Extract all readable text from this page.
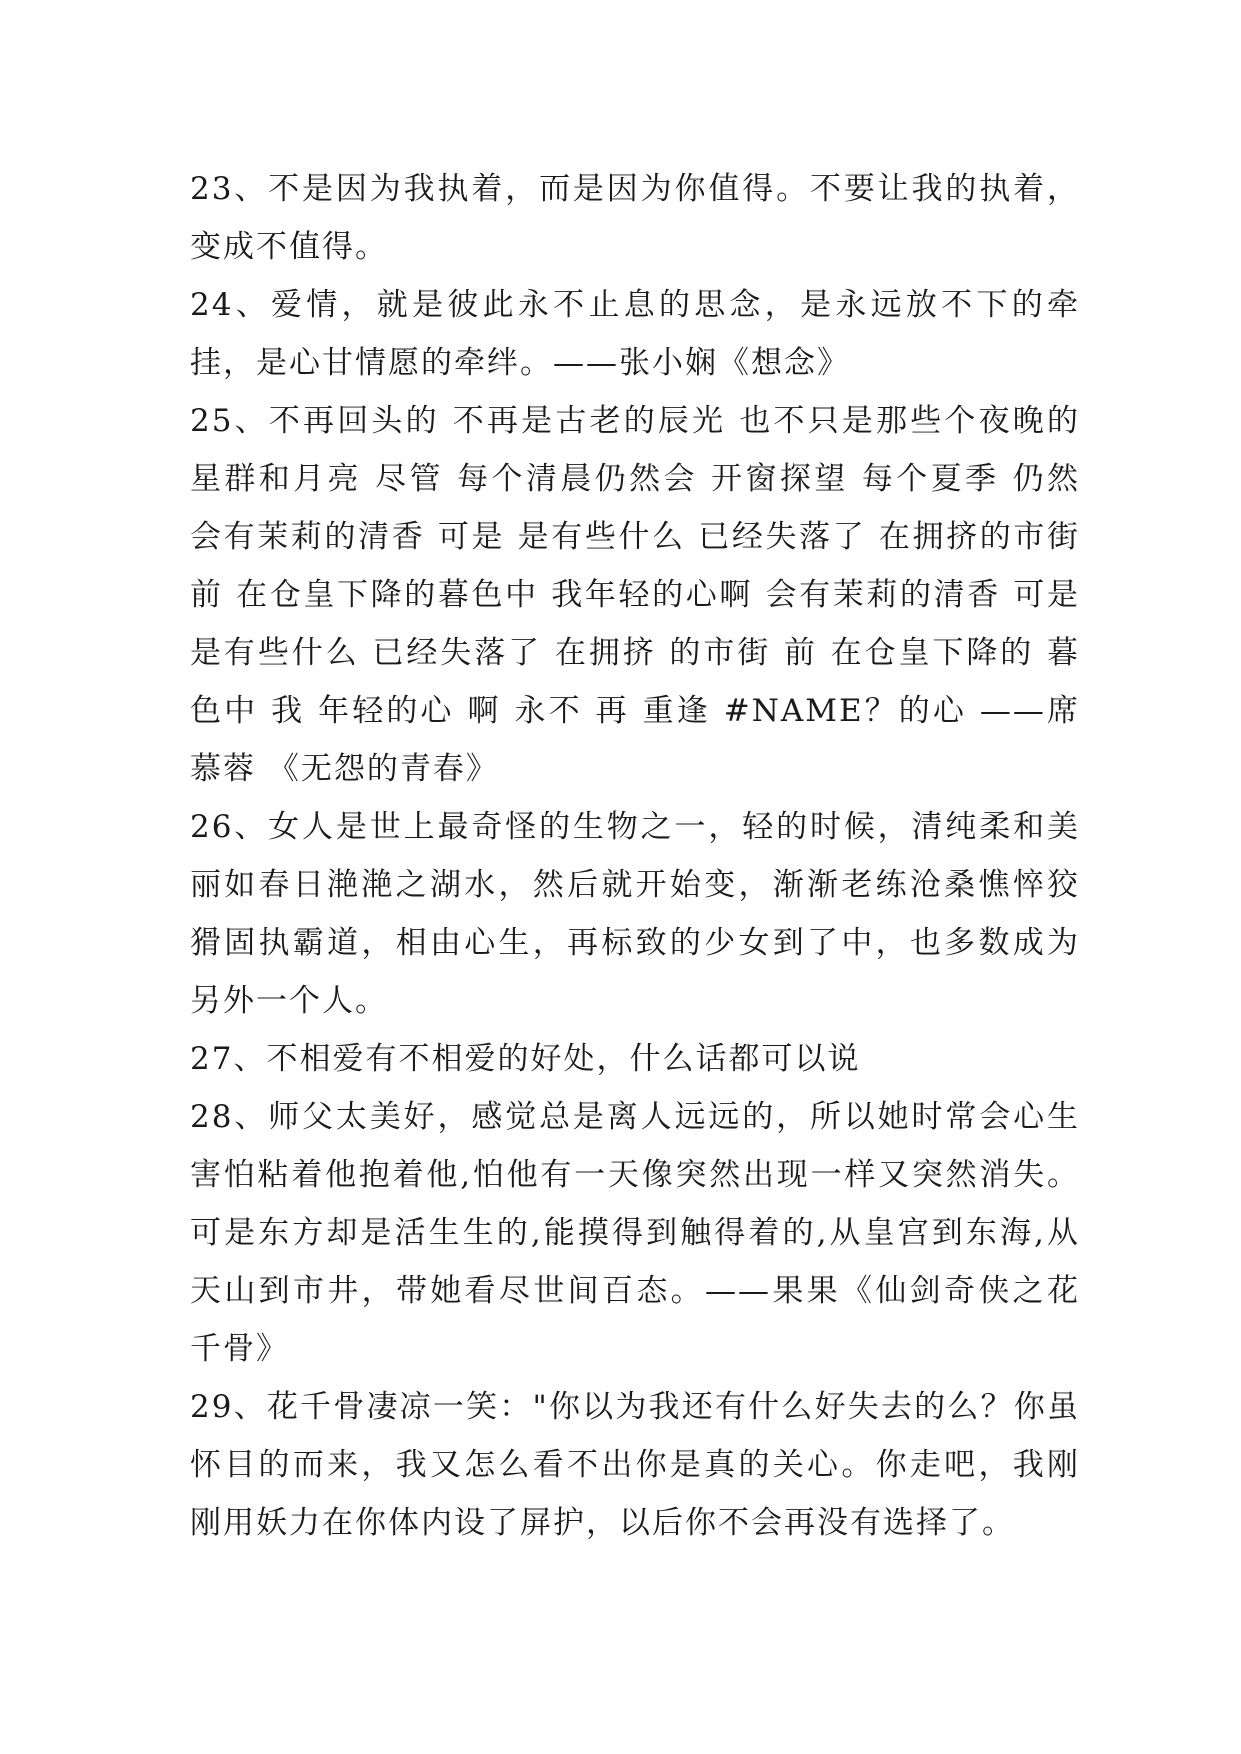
23、不是因为我执着，而是因为你值得。不要让我的执着，变成不值得。

24、爱情，就是彼此永不止息的思念，是永远放不下的牵挂，是心甘情愿的牵绊。——张小娴《想念》

25、不再回头的 不再是古老的辰光 也不只是那些个夜晚的星群和月亮 尽管 每个清晨仍然会 开窗探望 每个夏季 仍然 会有茉莉的清香 可是 是有些什么 已经失落了 在拥挤的市街前 在仓皇下降的暮色中 我年轻的心啊 会有茉莉的清香 可是 是有些什么 已经失落了 在拥挤 的市街 前 在仓皇下降的 暮色中 我 年轻的心 啊 永不 再 重逢 #NAME？的心 ——席 慕蓉 《无怨的青春》

26、女人是世上最奇怪的生物之一，轻的时候，清纯柔和美丽如春日滟滟之湖水，然后就开始变，渐渐老练沧桑憔悴狡猾固执霸道，相由心生，再标致的少女到了中，也多数成为另外一个人。

27、不相爱有不相爱的好处，什么话都可以说

28、师父太美好，感觉总是离人远远的，所以她时常会心生害怕粘着他抱着他,怕他有一天像突然出现一样又突然消失。可是东方却是活生生的,能摸得到触得着的,从皇宫到东海,从天山到市井，带她看尽世间百态。——果果《仙剑奇侠之花千骨》

29、花千骨凄凉一笑："你以为我还有什么好失去的么？你虽怀目的而来，我又怎么看不出你是真的关心。你走吧，我刚刚用妖力在你体内设了屏护，以后你不会再没有选择了。
